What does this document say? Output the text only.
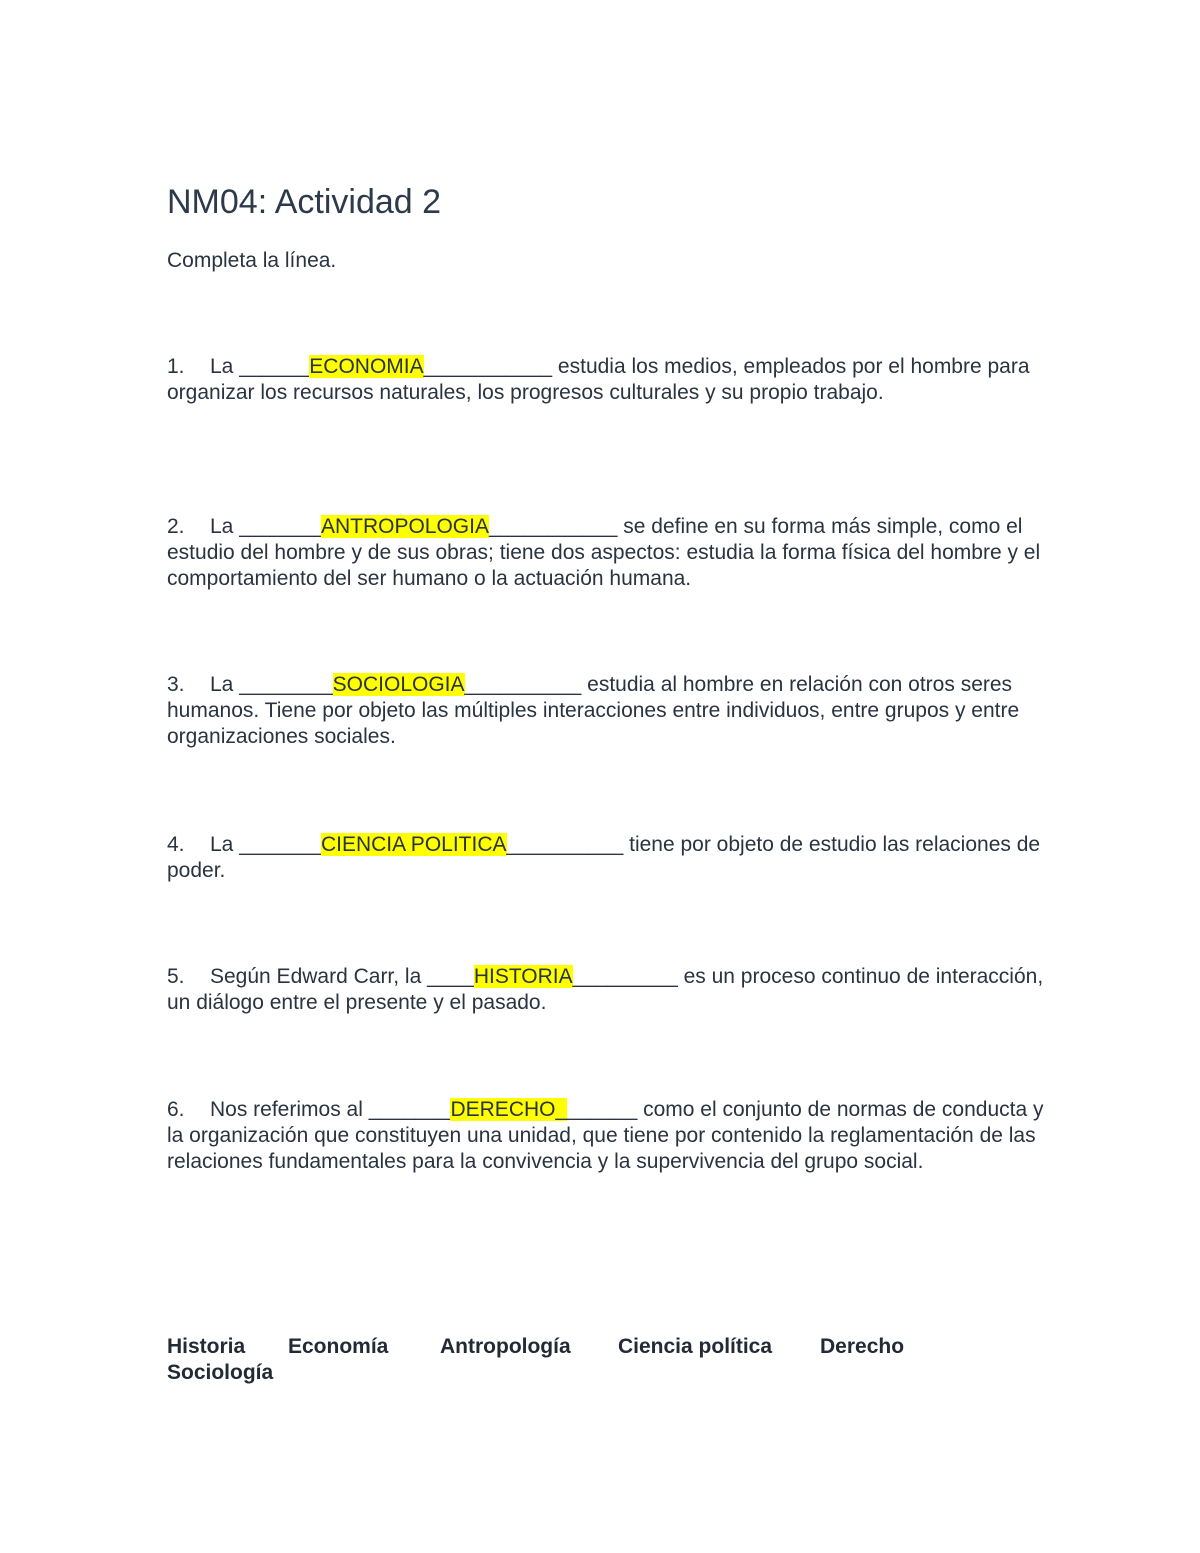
NM04: Actividad 2

Completa la línea.

1. La ______ECONOMIA___________ estudia los medios, empleados por el hombre para organizar los recursos naturales, los progresos culturales y su propio trabajo.

2. La _______ANTROPOLOGIA___________ se define en su forma más simple, como el estudio del hombre y de sus obras; tiene dos aspectos: estudia la forma física del hombre y el comportamiento del ser humano o la actuación humana.

3. La ________SOCIOLOGIA__________ estudia al hombre en relación con otros seres humanos. Tiene por objeto las múltiples interacciones entre individuos, entre grupos y entre organizaciones sociales.

4. La _______CIENCIA POLITICA__________ tiene por objeto de estudio las relaciones de poder.

5. Según Edward Carr, la ____HISTORIA_________ es un proceso continuo de interacción, un diálogo entre el presente y el pasado.

6. Nos referimos al _______DERECHO_______ como el conjunto de normas de conducta y la organización que constituyen una unidad, que tiene por contenido la reglamentación de las relaciones fundamentales para la convivencia y la supervivencia del grupo social.

Historia Economía Antropología Ciencia política Derecho
Sociología
